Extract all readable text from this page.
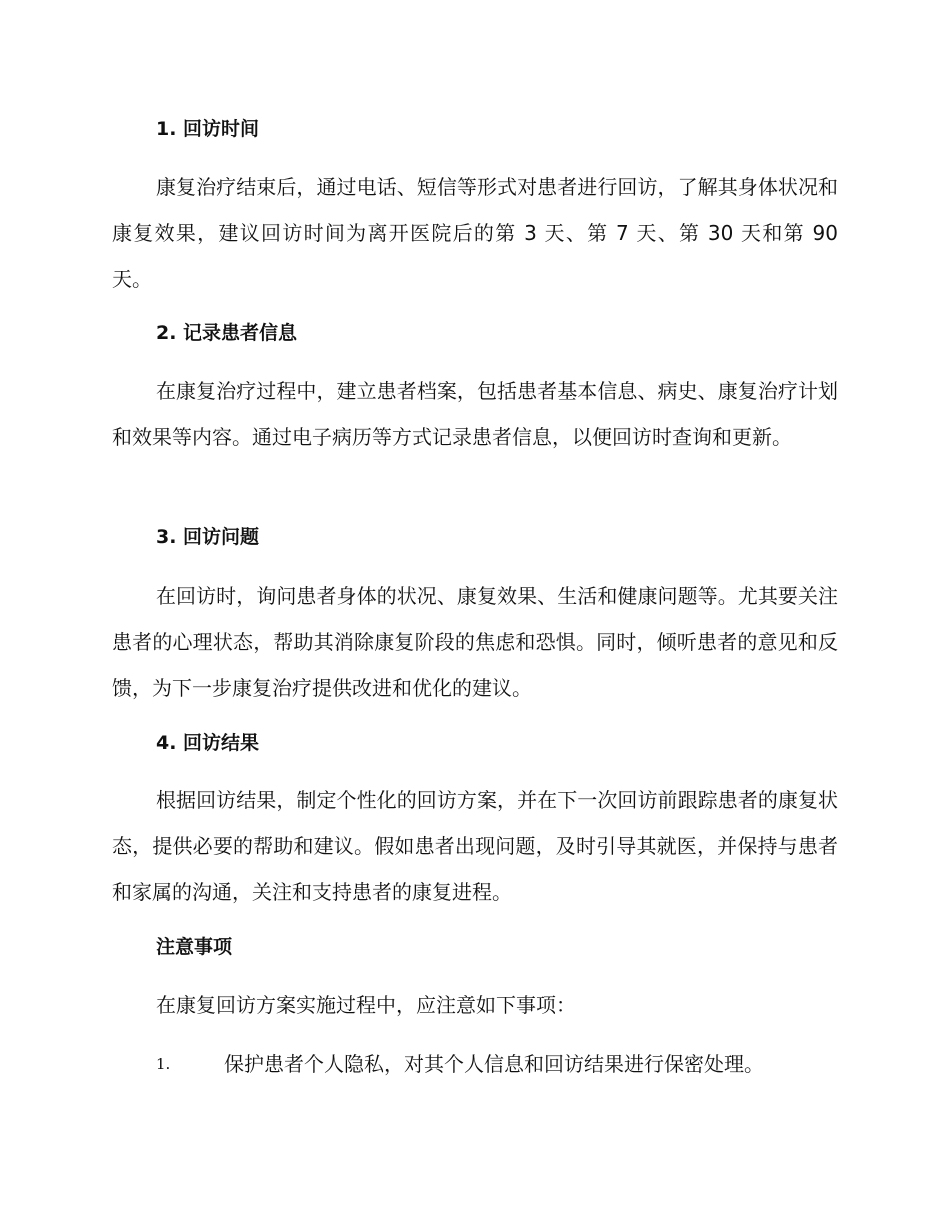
1. 回访时间

康复治疗结束后，通过电话、短信等形式对患者进行回访，了解其身体状况和康复效果，建议回访时间为离开医院后的第 3 天、第 7 天、第 30 天和第 90 天。

2. 记录患者信息

在康复治疗过程中，建立患者档案，包括患者基本信息、病史、康复治疗计划和效果等内容。通过电子病历等方式记录患者信息，以便回访时查询和更新。

3. 回访问题

在回访时，询问患者身体的状况、康复效果、生活和健康问题等。尤其要关注患者的心理状态，帮助其消除康复阶段的焦虑和恐惧。同时，倾听患者的意见和反馈，为下一步康复治疗提供改进和优化的建议。

4. 回访结果

根据回访结果，制定个性化的回访方案，并在下一次回访前跟踪患者的康复状态，提供必要的帮助和建议。假如患者出现问题，及时引导其就医，并保持与患者和家属的沟通，关注和支持患者的康复进程。

注意事项

在康复回访方案实施过程中，应注意如下事项：

1.	保护患者个人隐私，对其个人信息和回访结果进行保密处理。
